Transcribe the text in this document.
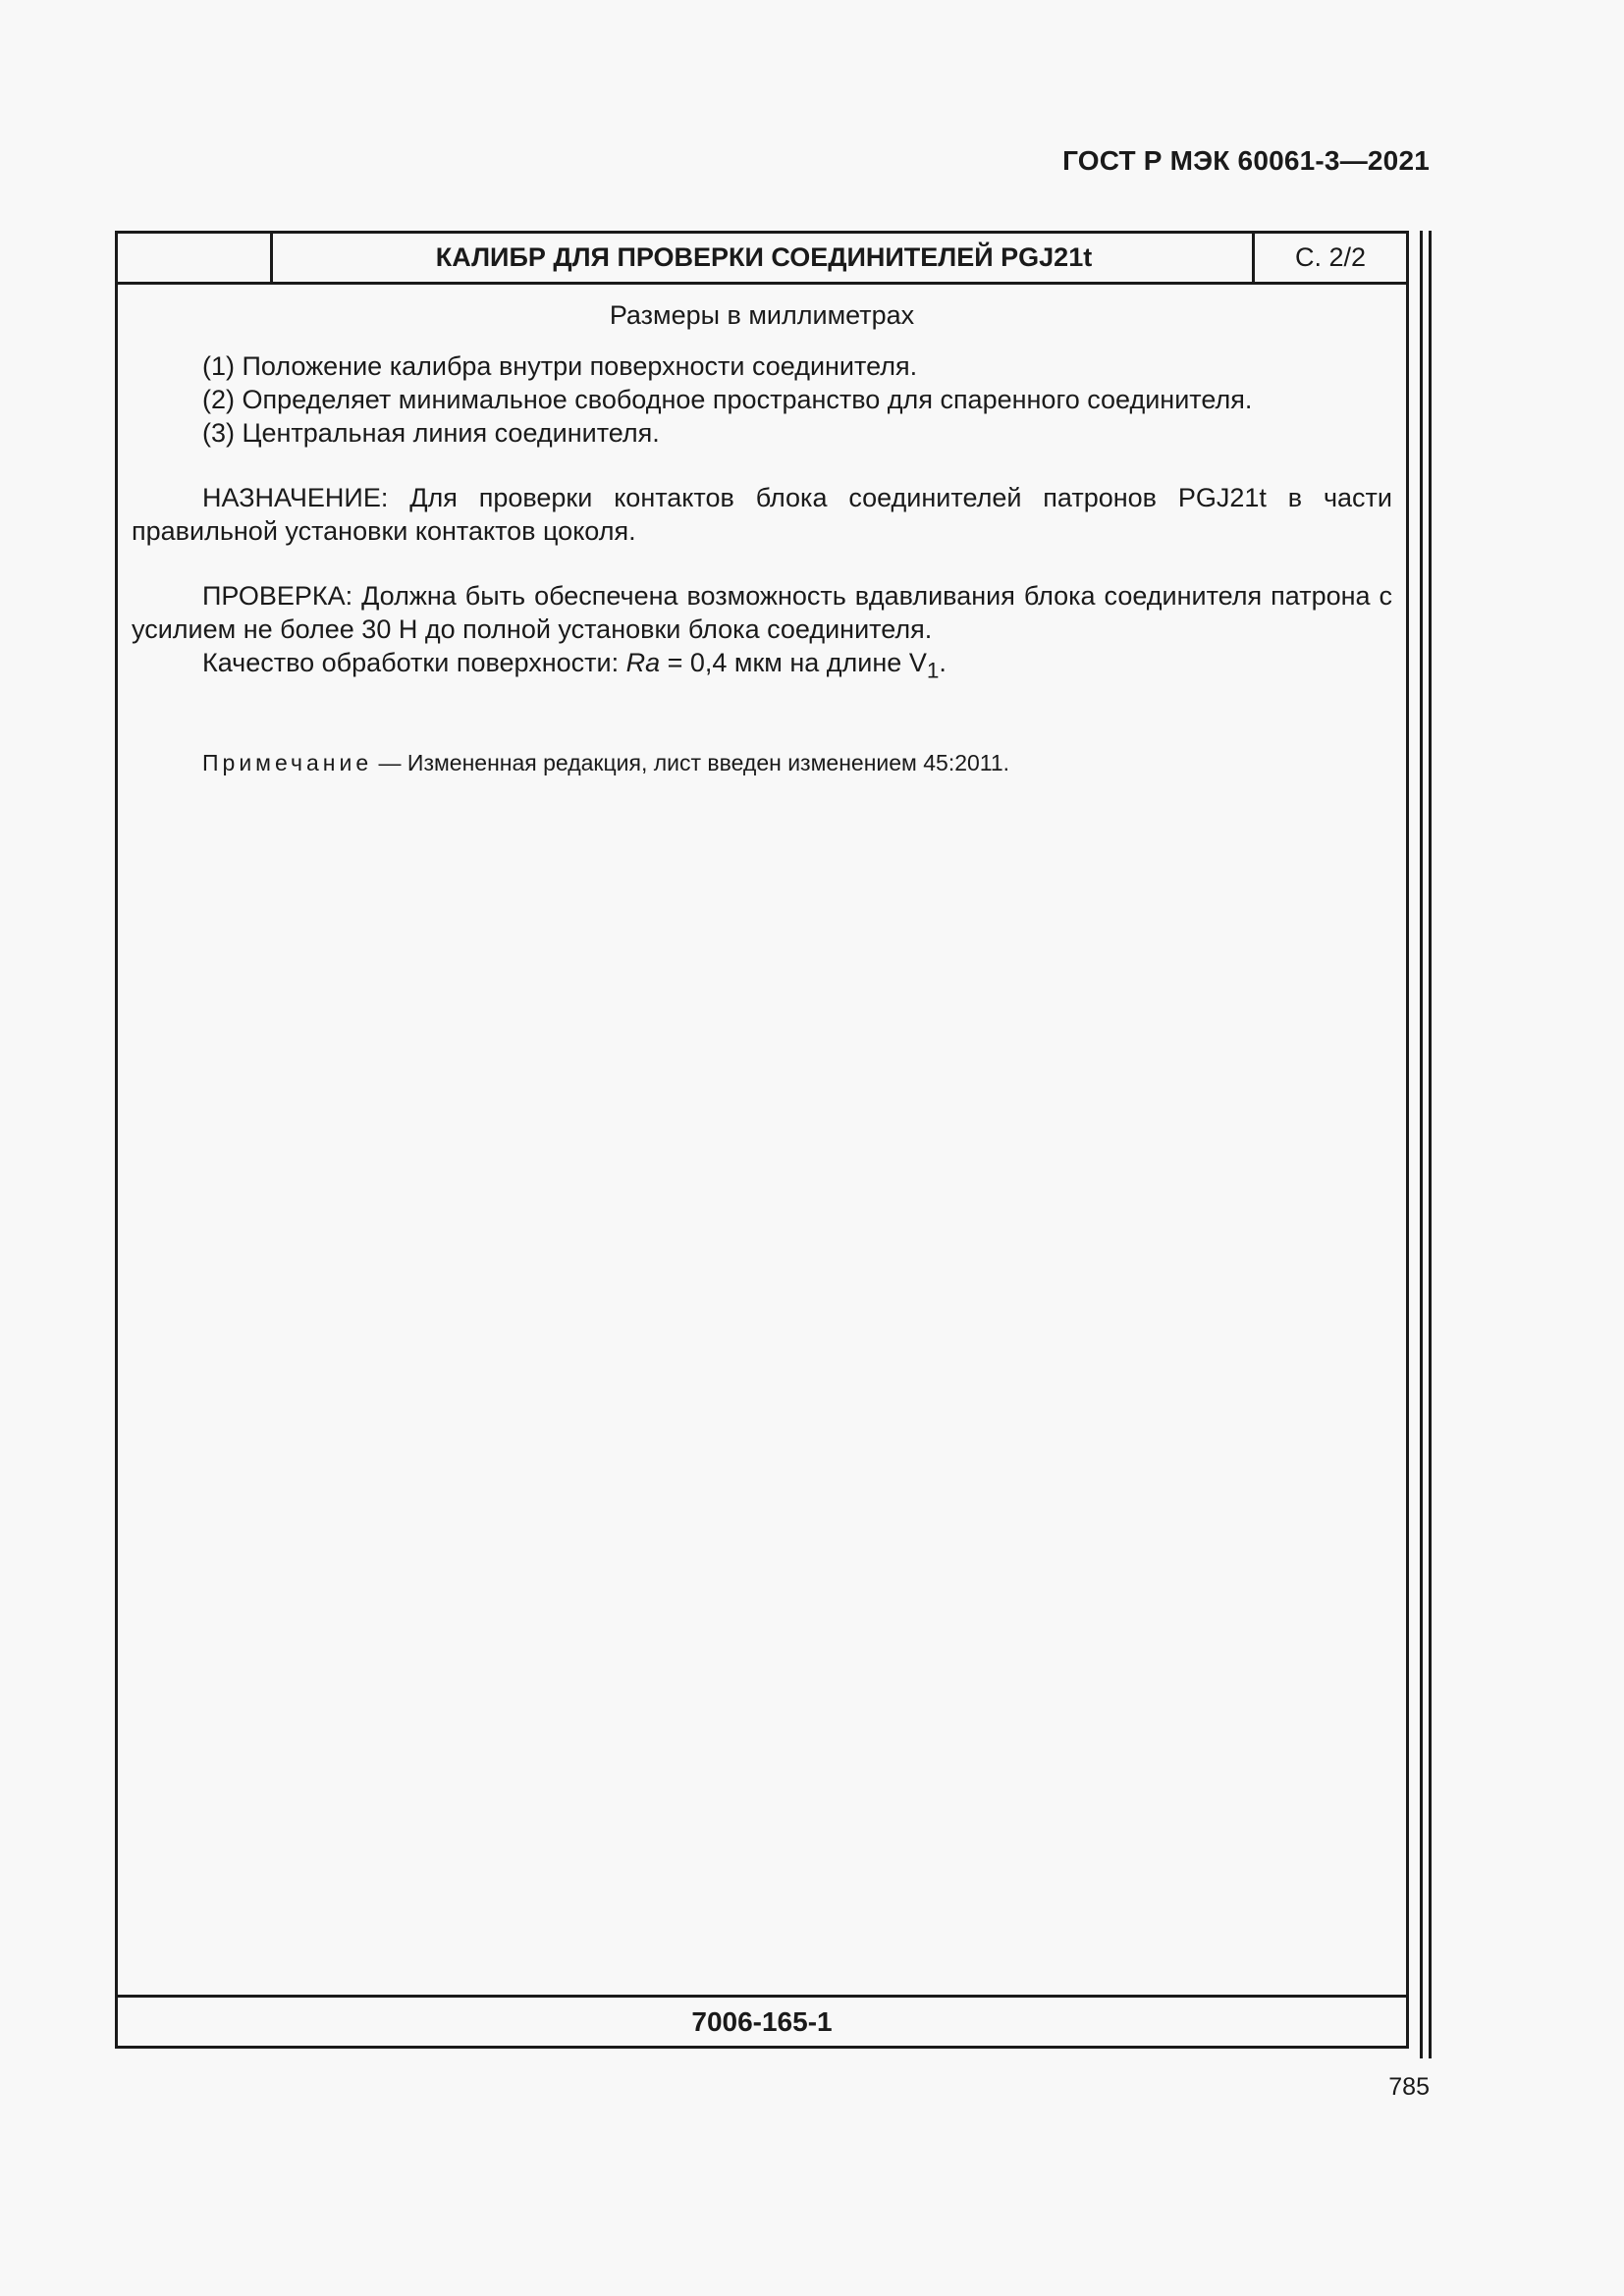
ГОСТ Р МЭК 60061-3—2021
КАЛИБР ДЛЯ ПРОВЕРКИ СОЕДИНИТЕЛЕЙ PGJ21t	С. 2/2
Размеры в миллиметрах
(1) Положение калибра внутри поверхности соединителя.
(2) Определяет минимальное свободное пространство для спаренного соединителя.
(3) Центральная линия соединителя.
НАЗНАЧЕНИЕ: Для проверки контактов блока соединителей патронов PGJ21t в части правильной установки контактов цоколя.
ПРОВЕРКА: Должна быть обеспечена возможность вдавливания блока соединителя патрона с усилием не более 30 Н до полной установки блока соединителя.
Качество обработки поверхности: Ra = 0,4 мкм на длине $V_1$.
Примечание — Измененная редакция, лист введен изменением 45:2011.
7006-165-1
785
